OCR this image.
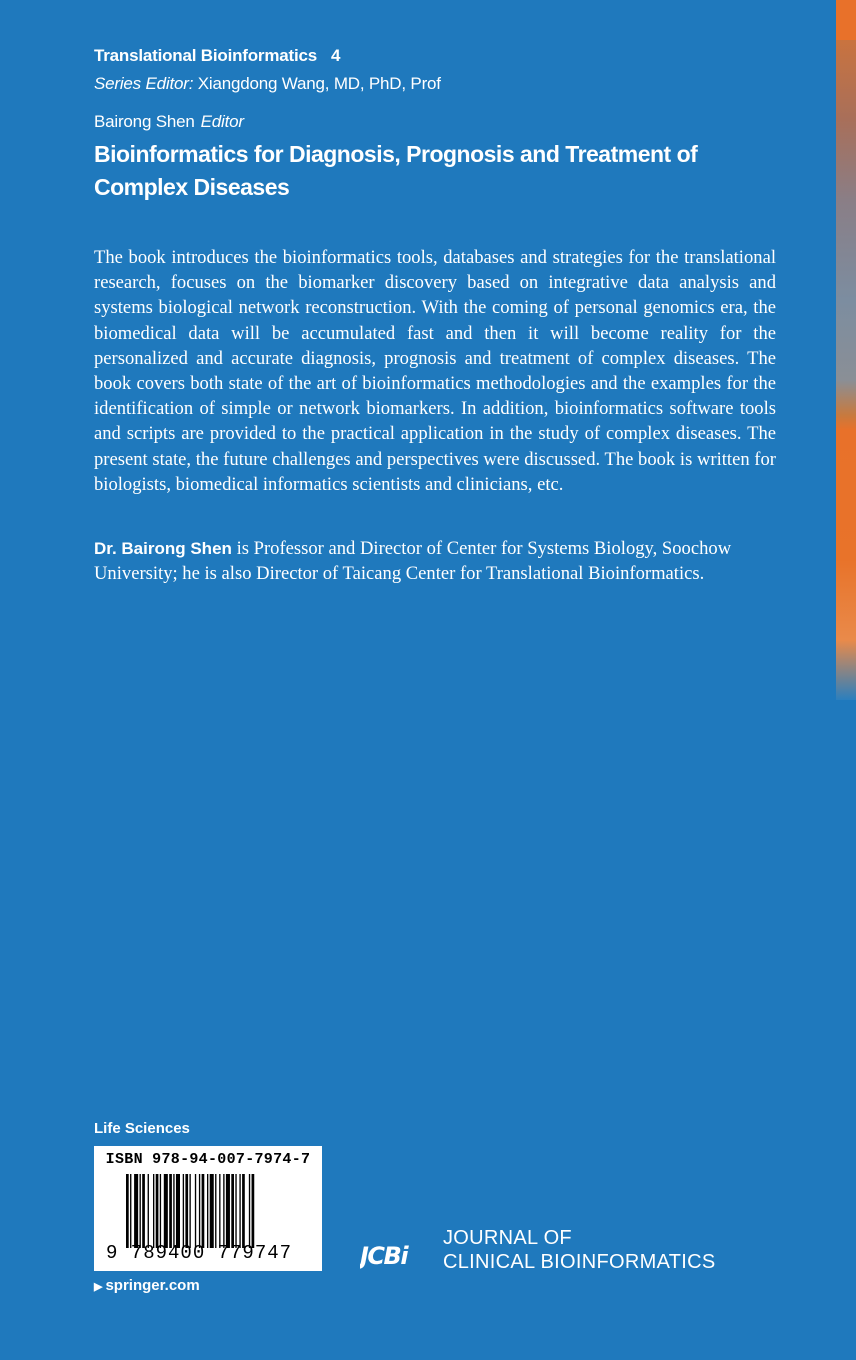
Translational Bioinformatics 4
Series Editor: Xiangdong Wang, MD, PhD, Prof
Bairong Shen Editor
Bioinformatics for Diagnosis, Prognosis and Treatment of Complex Diseases
The book introduces the bioinformatics tools, databases and strategies for the translational research, focuses on the biomarker discovery based on integrative data analysis and systems biological network reconstruction. With the coming of personal genomics era, the biomedical data will be accumulated fast and then it will become reality for the personalized and accurate diagnosis, prognosis and treatment of complex diseases. The book covers both state of the art of bioinformatics methodologies and the examples for the identification of simple or network biomarkers. In addition, bioinformatics software tools and scripts are provided to the practical application in the study of complex diseases. The present state, the future challenges and perspectives were discussed. The book is written for biologists, biomedical informatics scientists and clinicians, etc.
Dr. Bairong Shen is Professor and Director of Center for Systems Biology, Soochow University; he is also Director of Taicang Center for Translational Bioinformatics.
Life Sciences
ISBN 978-94-007-7974-7
9 789400 779747
▶ springer.com
JCBi
JOURNAL OF
CLINICAL BIOINFORMATICS
